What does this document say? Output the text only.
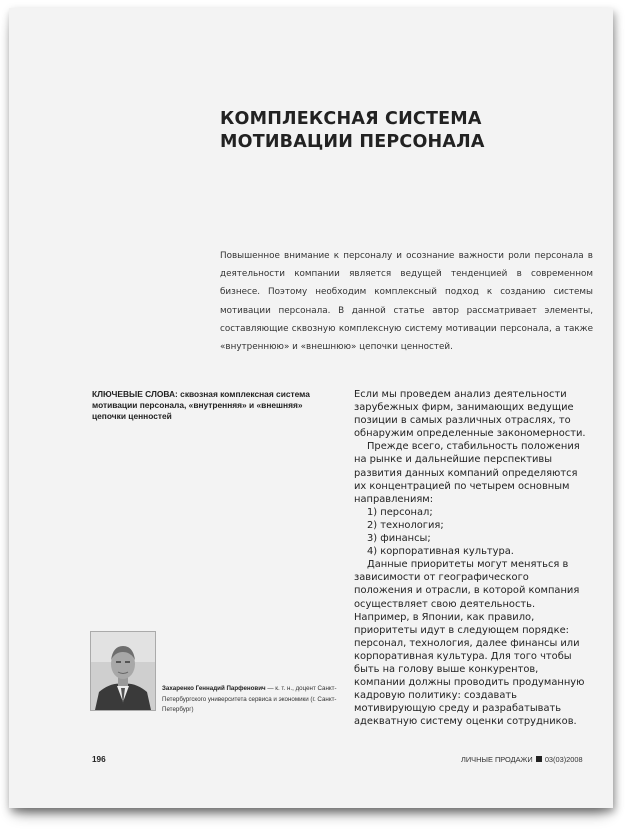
КОМПЛЕКСНАЯ СИСТЕМА МОТИВАЦИИ ПЕРСОНАЛА

Повышенное внимание к персоналу и осознание важности роли персонала в деятельности компании является ведущей тенденцией в современном бизнесе. Поэтому необходим комплексный подход к созданию системы мотивации персонала. В данной статье автор рассматривает элементы, составляющие сквозную комплексную систему мотивации персонала, а также «внутреннюю» и «внешнюю» цепочки ценностей.

КЛЮЧЕВЫЕ СЛОВА: сквозная комплексная система мотивации персонала, «внутренняя» и «внешняя» цепочки ценностей

Если мы проведем анализ деятельности зарубежных фирм, занимающих ведущие позиции в самых различных отраслях, то обнаружим определенные закономерности.

Прежде всего, стабильность положения на рынке и дальнейшие перспективы развития данных компаний определяются их концентрацией по четырем основным направлениям:

1) персонал;

2) технология;

3) финансы;

4) корпоративная культура.

Данные приоритеты могут меняться в зависимости от географического положения и отрасли, в которой компания осуществляет свою деятельность. Например, в Японии, как правило, приоритеты идут в следующем порядке: персонал, технология, далее финансы или корпоративная культура. Для того чтобы быть на голову выше конкурентов, компании должны проводить продуманную кадровую политику: создавать мотивирующую среду и разрабатывать адекватную систему оценки сотрудников.

Захаренко Геннадий Парфенович — к. т. н., доцент Санкт-Петербургского университета сервиса и экономики (г. Санкт-Петербург)

196	ЛИЧНЫЕ ПРОДАЖИ 03(03)2008
